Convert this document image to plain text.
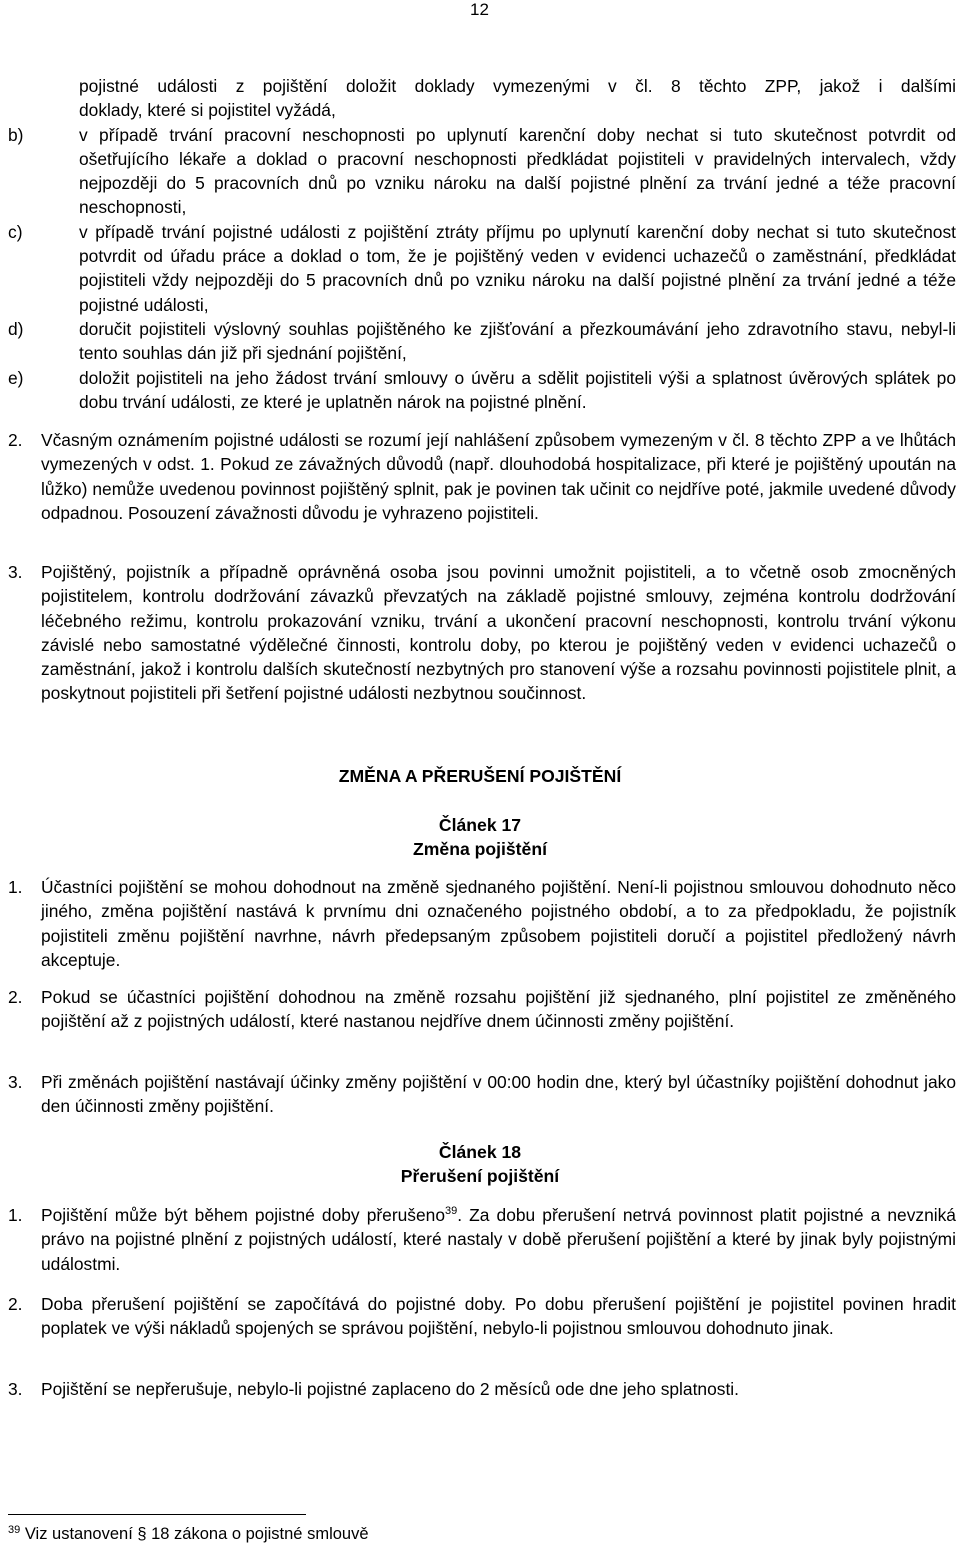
12
pojistné události z pojištění doložit doklady vymezenými v čl. 8 těchto ZPP, jakož i dalšími
doklady, které si pojistitel vyžádá,
b)	v případě trvání pracovní neschopnosti po uplynutí karenční doby nechat si tuto skutečnost potvrdit od ošetřujícího lékaře a doklad o pracovní neschopnosti předkládat pojistiteli v pravidelných intervalech, vždy nejpozději do 5 pracovních dnů po vzniku nároku na další pojistné plnění za trvání jedné a téže pracovní neschopnosti,
c)	v případě trvání pojistné události z pojištění ztráty příjmu po uplynutí karenční doby nechat si tuto skutečnost potvrdit od úřadu práce a doklad o tom, že je pojištěný veden v evidenci uchazečů o zaměstnání, předkládat pojistiteli vždy nejpozději do 5 pracovních dnů po vzniku nároku na další pojistné plnění za trvání jedné a téže pojistné události,
d)	doručit pojistiteli výslovný souhlas pojištěného ke zjišťování a přezkoumávání jeho zdravotního stavu, nebyl-li tento souhlas dán již při sjednání pojištění,
e)	doložit pojistiteli na jeho žádost trvání smlouvy o úvěru a sdělit pojistiteli výši a splatnost úvěrových splátek po dobu trvání události, ze které je uplatněn nárok na pojistné plnění.
2.	Včasným oznámením pojistné události se rozumí její nahlášení způsobem vymezeným v čl. 8 těchto ZPP a ve lhůtách vymezených v odst. 1. Pokud ze závažných důvodů (např. dlouhodobá hospitalizace, při které je pojištěný upoután na lůžko) nemůže uvedenou povinnost pojištěný splnit, pak je povinen tak učinit co nejdříve poté, jakmile uvedené důvody odpadnou. Posouzení závažnosti důvodu je vyhrazeno pojistiteli.
3.	Pojištěný, pojistník a případně oprávněná osoba jsou povinni umožnit pojistiteli, a to včetně osob zmocněných pojistitelem, kontrolu dodržování závazků převzatých na základě pojistné smlouvy, zejména kontrolu dodržování léčebného režimu, kontrolu prokazování vzniku, trvání a ukončení pracovní neschopnosti, kontrolu trvání výkonu závislé nebo samostatné výdělečné činnosti, kontrolu doby, po kterou je pojištěný veden v evidenci uchazečů o zaměstnání, jakož i kontrolu dalších skutečností nezbytných pro stanovení výše a rozsahu povinnosti pojistitele plnit, a poskytnout pojistiteli při šetření pojistné události nezbytnou součinnost.
ZMĚNA A PŘERUŠENÍ POJIŠTĚNÍ
Článek 17
Změna pojištění
1.	Účastníci pojištění se mohou dohodnout na změně sjednaného pojištění. Není-li pojistnou smlouvou dohodnuto něco jiného, změna pojištění nastává k prvnímu dni označeného pojistného období, a to za předpokladu, že pojistník pojistiteli změnu pojištění navrhne, návrh předepsaným způsobem pojistiteli doručí a pojistitel předložený návrh akceptuje.
2.	Pokud se účastníci pojištění dohodnou na změně rozsahu pojištění již sjednaného, plní pojistitel ze změněného pojištění až z pojistných událostí, které nastanou nejdříve dnem účinnosti změny pojištění.
3.	Při změnách pojištění nastávají účinky změny pojištění v 00:00 hodin dne, který byl účastníky pojištění dohodnut jako den účinnosti změny pojištění.
Článek 18
Přerušení pojištění
1.	Pojištění může být během pojistné doby přerušeno$^{39}$. Za dobu přerušení netrvá povinnost platit pojistné a nevzniká právo na pojistné plnění z pojistných událostí, které nastaly v době přerušení pojištění a které by jinak byly pojistnými událostmi.
2.	Doba přerušení pojištění se započítává do pojistné doby. Po dobu přerušení pojištění je pojistitel povinen hradit poplatek ve výši nákladů spojených se správou pojištění, nebylo-li pojistnou smlouvou dohodnuto jinak.
3.	Pojištění se nepřerušuje, nebylo-li pojistné zaplaceno do 2 měsíců ode dne jeho splatnosti.
$^{39}$ Viz ustanovení § 18 zákona o pojistné smlouvě
